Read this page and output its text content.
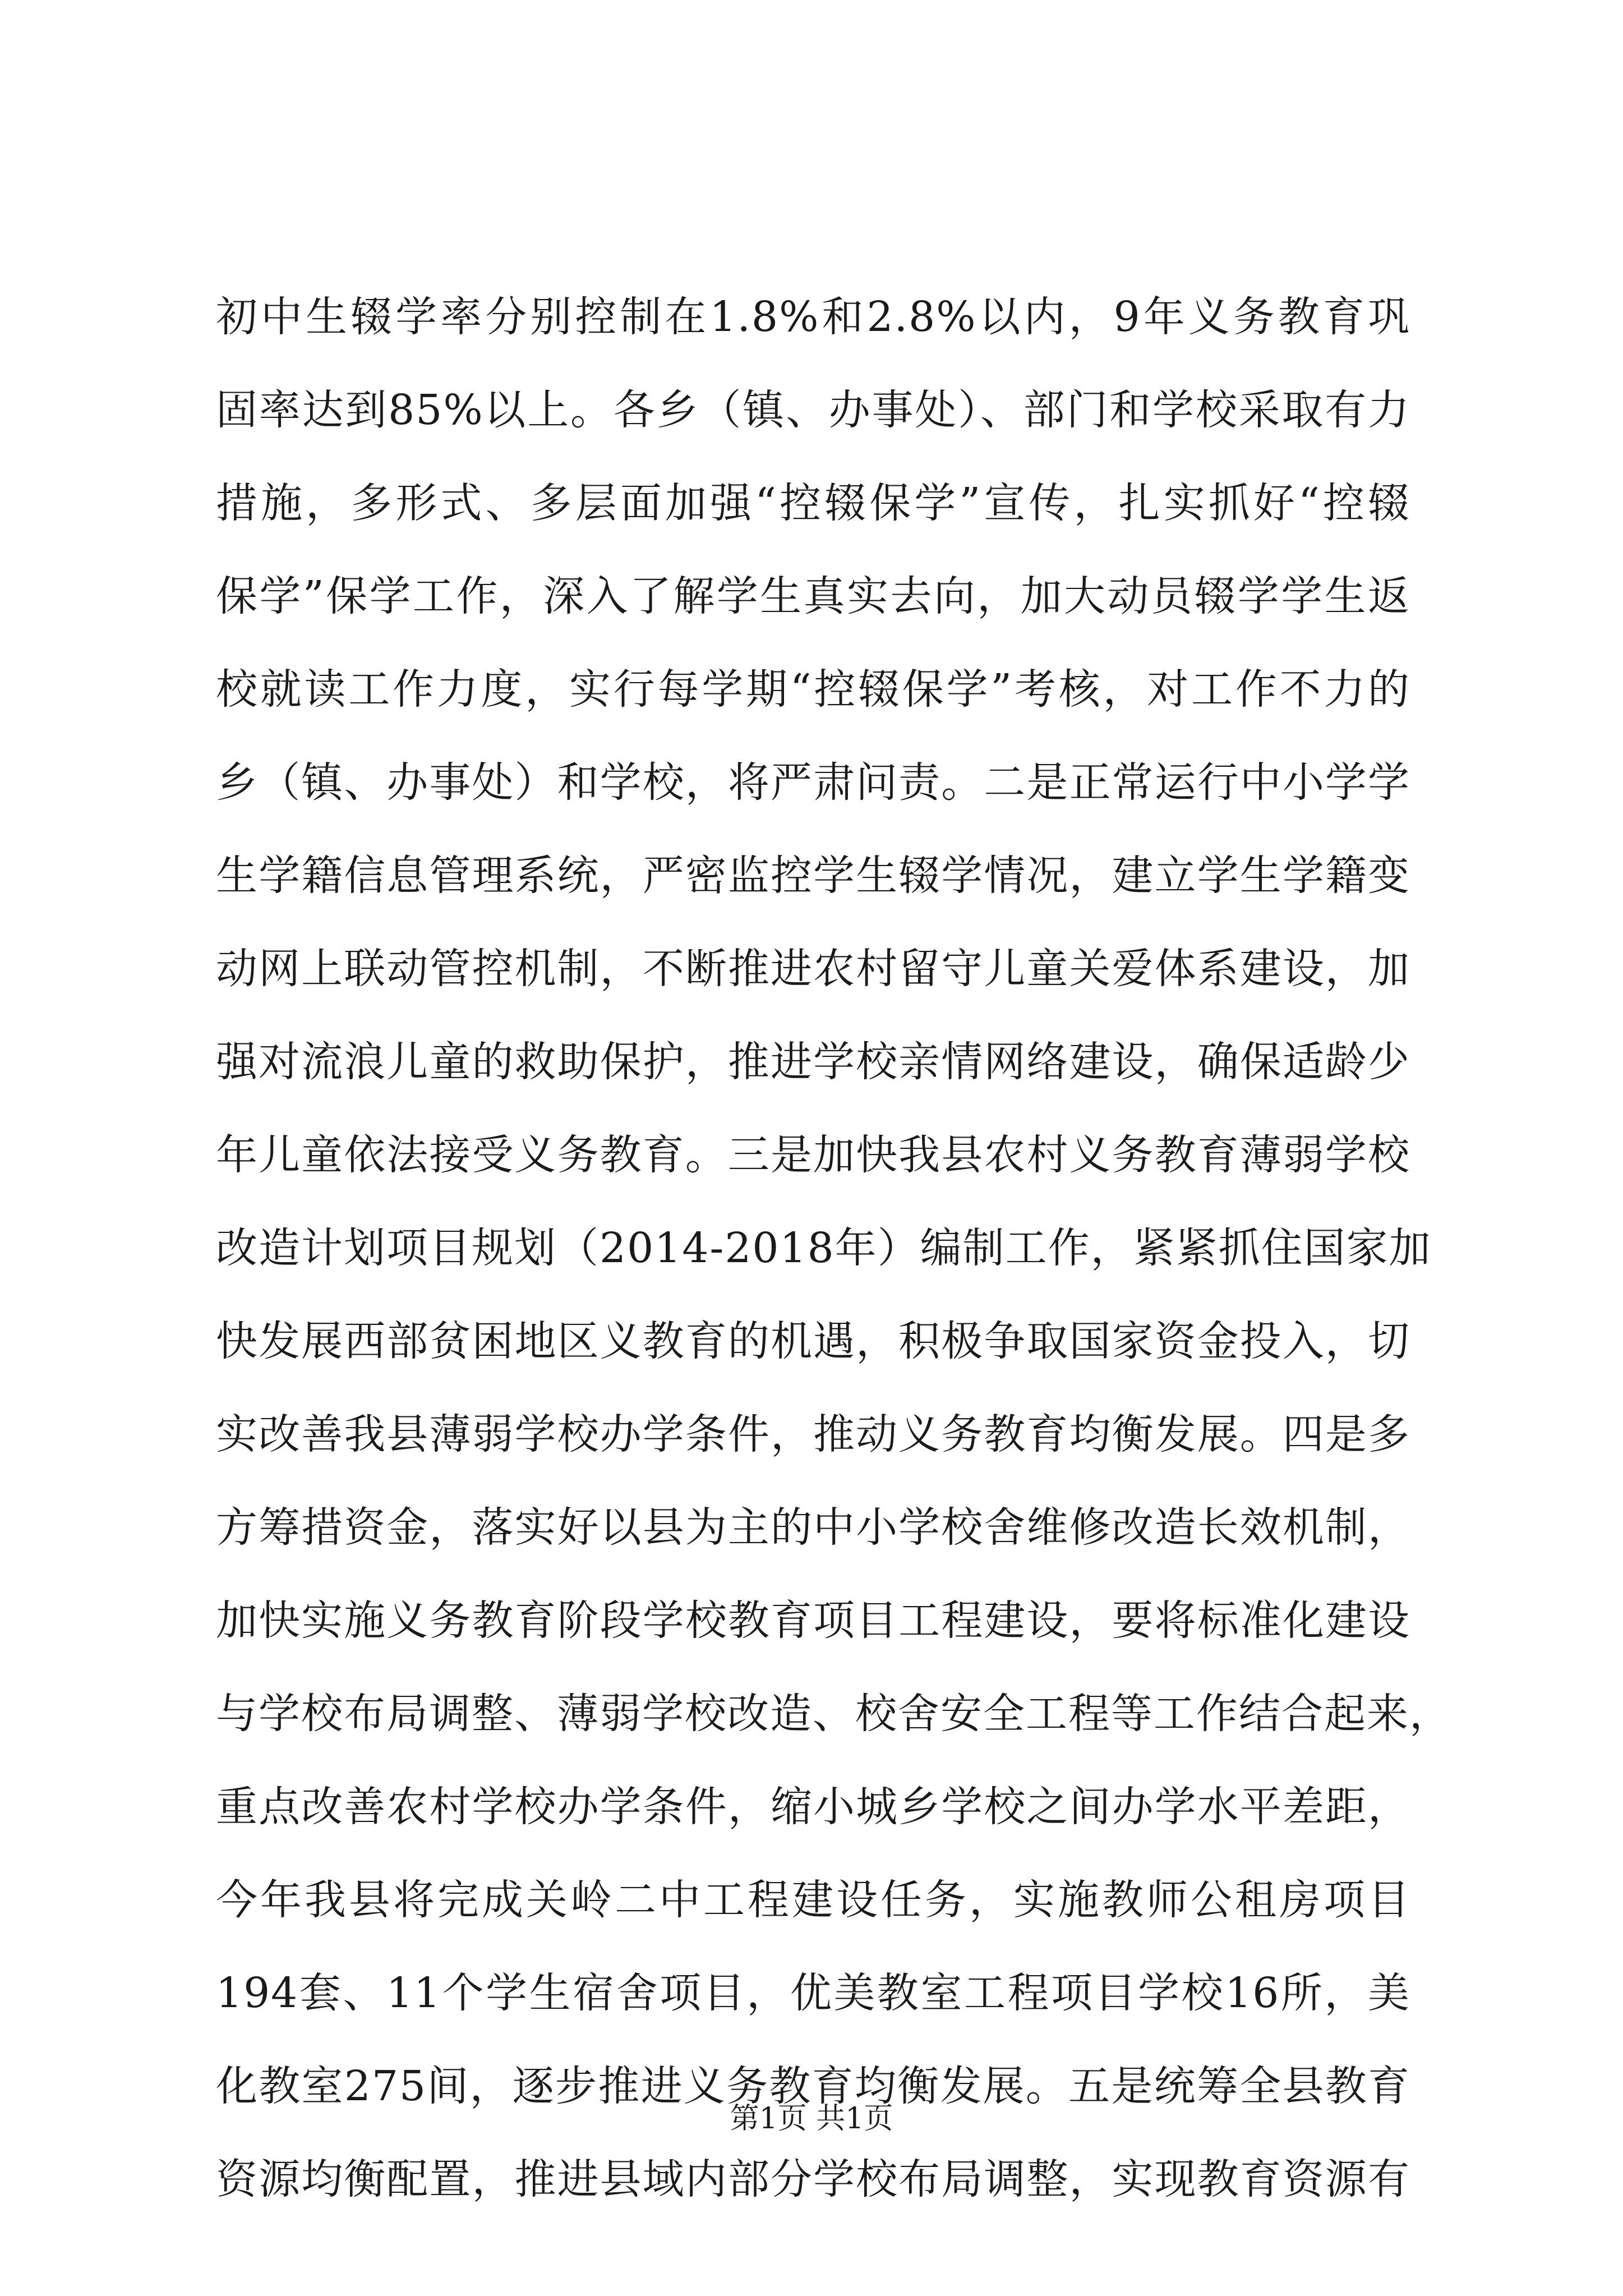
初中生辍学率分别控制在1.8%和2.8%以内，9年义务教育巩
固率达到85%以上。各乡（镇、办事处）、部门和学校采取有力
措施，多形式、多层面加强“控辍保学”宣传，扎实抓好“控辍
保学”保学工作，深入了解学生真实去向，加大动员辍学学生返
校就读工作力度，实行每学期“控辍保学”考核，对工作不力的
乡（镇、办事处）和学校，将严肃问责。二是正常运行中小学学
生学籍信息管理系统，严密监控学生辍学情况，建立学生学籍变
动网上联动管控机制，不断推进农村留守儿童关爱体系建设，加
强对流浪儿童的救助保护，推进学校亲情网络建设，确保适龄少
年儿童依法接受义务教育。三是加快我县农村义务教育薄弱学校
改造计划项目规划（2014-2018年）编制工作，紧紧抓住国家加
快发展西部贫困地区义教育的机遇，积极争取国家资金投入，切
实改善我县薄弱学校办学条件，推动义务教育均衡发展。四是多
方筹措资金，落实好以县为主的中小学校舍维修改造长效机制，
加快实施义务教育阶段学校教育项目工程建设，要将标准化建设
与学校布局调整、薄弱学校改造、校舍安全工程等工作结合起来，
重点改善农村学校办学条件，缩小城乡学校之间办学水平差距，
今年我县将完成关岭二中工程建设任务，实施教师公租房项目
194套、11个学生宿舍项目，优美教室工程项目学校16所，美
化教室275间，逐步推进义务教育均衡发展。五是统筹全县教育
资源均衡配置，推进县域内部分学校布局调整，实现教育资源有
第1页 共1页
